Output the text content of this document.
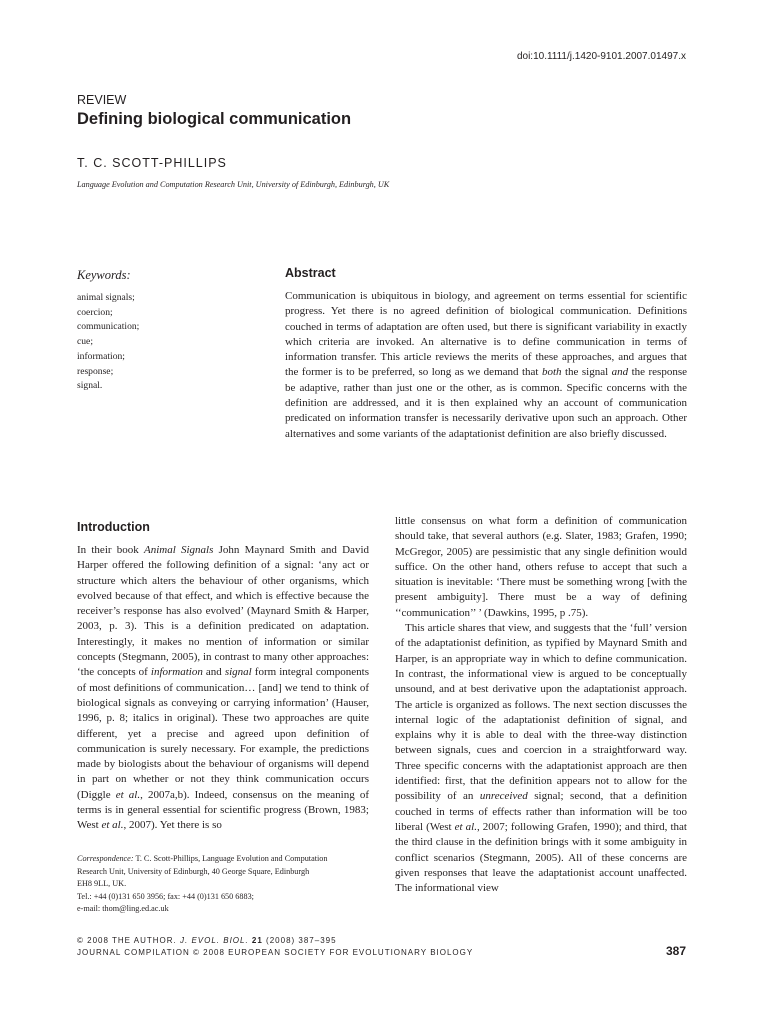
doi:10.1111/j.1420-9101.2007.01497.x
REVIEW
Defining biological communication
T. C. SCOTT-PHILLIPS
Language Evolution and Computation Research Unit, University of Edinburgh, Edinburgh, UK
Keywords:
animal signals;
coercion;
communication;
cue;
information;
response;
signal.
Abstract
Communication is ubiquitous in biology, and agreement on terms essential for scientific progress. Yet there is no agreed definition of biological communication. Definitions couched in terms of adaptation are often used, but there is significant variability in exactly which criteria are invoked. An alternative is to define communication in terms of information transfer. This article reviews the merits of these approaches, and argues that the former is to be preferred, so long as we demand that both the signal and the response be adaptive, rather than just one or the other, as is common. Specific concerns with the definition are addressed, and it is then explained why an account of communication predicated on information transfer is necessarily derivative upon such an approach. Other alternatives and some variants of the adaptationist definition are also briefly discussed.
Introduction
In their book Animal Signals John Maynard Smith and David Harper offered the following definition of a signal: ‘any act or structure which alters the behaviour of other organisms, which evolved because of that effect, and which is effective because the receiver’s response has also evolved’ (Maynard Smith & Harper, 2003, p. 3). This is a definition predicated on adaptation. Interestingly, it makes no mention of information or similar concepts (Stegmann, 2005), in contrast to many other approaches: ‘the concepts of information and signal form integral components of most definitions of communication… [and] we tend to think of biological signals as conveying or carrying information’ (Hauser, 1996, p. 8; italics in original). These two approaches are quite different, yet a precise and agreed upon definition of communication is surely necessary. For example, the predictions made by biologists about the behaviour of organisms will depend in part on whether or not they think communication occurs (Diggle et al., 2007a,b). Indeed, consensus on the meaning of terms is in general essential for scientific progress (Brown, 1983; West et al., 2007). Yet there is so

little consensus on what form a definition of communication should take, that several authors (e.g. Slater, 1983; Grafen, 1990; McGregor, 2005) are pessimistic that any single definition would suffice. On the other hand, others refuse to accept that such a situation is inevitable: ‘There must be something wrong [with the present ambiguity]. There must be a way of defining ‘‘communication’’ ’ (Dawkins, 1995, p .75).

This article shares that view, and suggests that the ‘full’ version of the adaptationist definition, as typified by Maynard Smith and Harper, is an appropriate way in which to define communication. In contrast, the informational view is argued to be conceptually unsound, and at best derivative upon the adaptationist approach. The article is organized as follows. The next section discusses the internal logic of the adaptationist definition of signal, and explains why it is able to deal with the three-way distinction between signals, cues and coercion in a straightforward way. Three specific concerns with the adaptationist approach are then identified: first, that the definition appears not to allow for the possibility of an unreceived signal; second, that a definition couched in terms of effects rather than information will be too liberal (West et al., 2007; following Grafen, 1990); and third, that the third clause in the definition brings with it some ambiguity in conflict scenarios (Stegmann, 2005). All of these concerns are given responses that leave the adaptationist account unaffected. The informational view

Correspondence: T. C. Scott-Phillips, Language Evolution and Computation
Research Unit, University of Edinburgh, 40 George Square, Edinburgh
EH8 9LL, UK.
Tel.: +44 (0)131 650 3956; fax: +44 (0)131 650 6883;
e-mail: thom@ling.ed.ac.uk
© 2008 THE AUTHOR. J. EVOL. BIOL. 21 (2008) 387–395
JOURNAL COMPILATION © 2008 EUROPEAN SOCIETY FOR EVOLUTIONARY BIOLOGY	387
